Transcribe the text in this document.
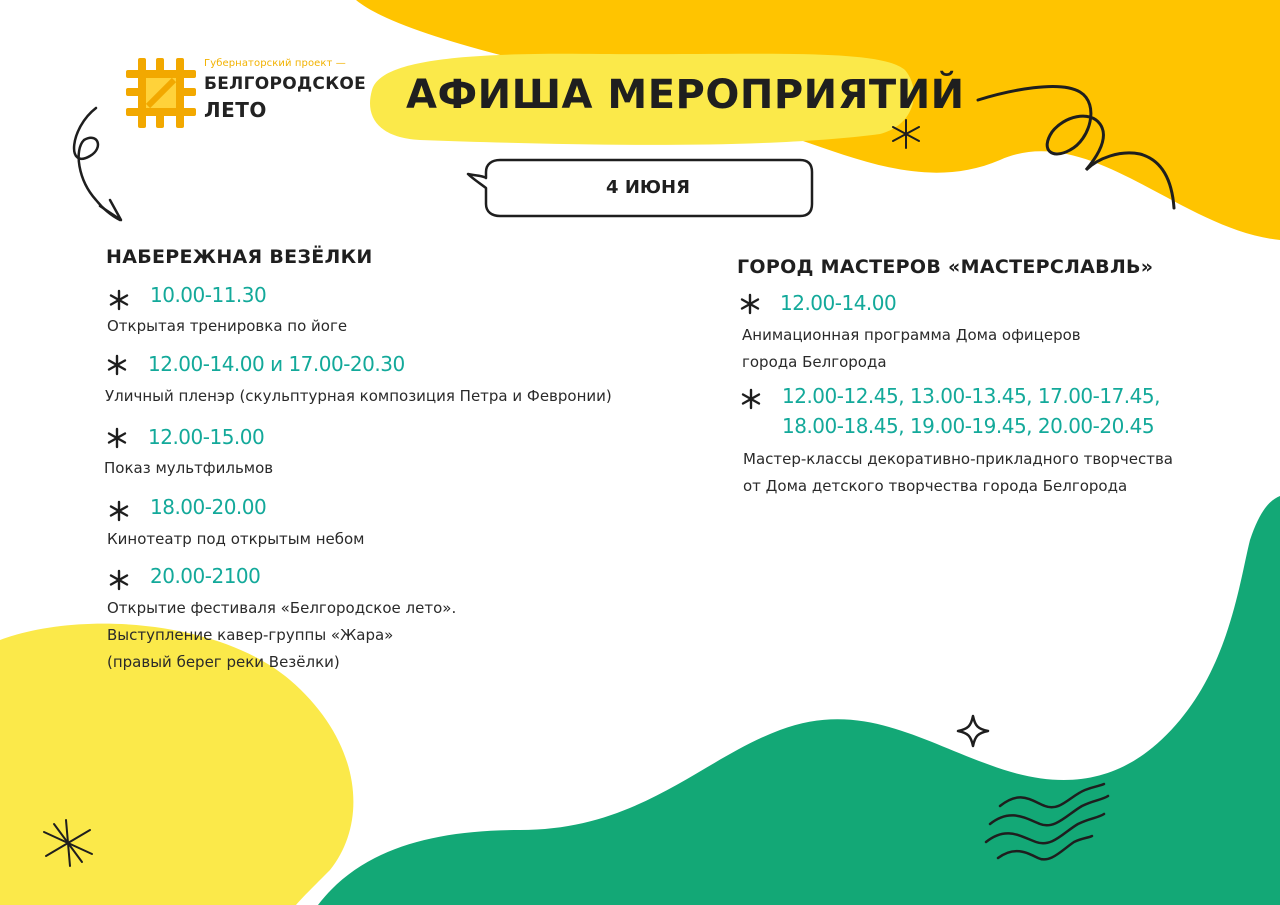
Губернаторский проект —
БЕЛГОРОДСКОЕ
ЛЕТО	АФИША МЕРОПРИЯТИЙ
4 ИЮНЯ
НАБЕРЕЖНАЯ ВЕЗЁЛКИ
10.00-11.30
Открытая тренировка по йоге
12.00-14.00 и 17.00-20.30
Уличный пленэр (скульптурная композиция Петра и Февронии)
12.00-15.00
Показ мультфильмов
18.00-20.00
Кинотеатр под открытым небом
20.00-2100
Открытие фестиваля «Белгородское лето».
Выступление кавер-группы «Жара»
(правый берег реки Везёлки)
ГОРОД МАСТЕРОВ «МАСТЕРСЛАВЛЬ»
12.00-14.00
Анимационная программа Дома офицеров
города Белгорода
12.00-12.45, 13.00-13.45, 17.00-17.45,
18.00-18.45, 19.00-19.45, 20.00-20.45
Мастер-классы декоративно-прикладного творчества
от Дома детского творчества города Белгорода
